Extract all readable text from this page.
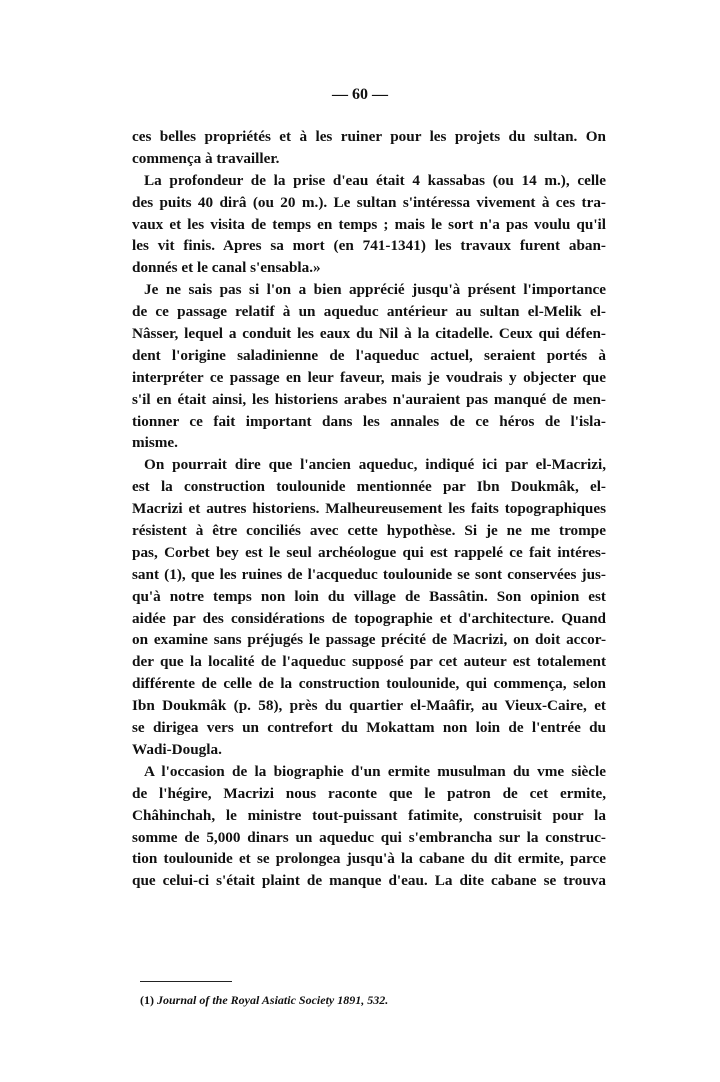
— 60 —
ces belles propriétés et à les ruiner pour les projets du sultan. On
commença à travailler.
La profondeur de la prise d'eau était 4 kassabas (ou 14 m.), celle
des puits 40 dirâ (ou 20 m.). Le sultan s'intéressa vivement à ces tra-
vaux et les visita de temps en temps ; mais le sort n'a pas voulu qu'il
les vit finis. Apres sa mort (en 741-1341) les travaux furent aban-
donnés et le canal s'ensabla.»
Je ne sais pas si l'on a bien apprécié jusqu'à présent l'importance
de ce passage relatif à un aqueduc antérieur au sultan el-Melik el-
Nâsser, lequel a conduit les eaux du Nil à la citadelle. Ceux qui défen-
dent l'origine saladinienne de l'aqueduc actuel, seraient portés à
interpréter ce passage en leur faveur, mais je voudrais y objecter que
s'il en était ainsi, les historiens arabes n'auraient pas manqué de men-
tionner ce fait important dans les annales de ce héros de l'isla-
misme.
On pourrait dire que l'ancien aqueduc, indiqué ici par el-Macrizi,
est la construction toulounide mentionnée par Ibn Doukmâk, el-
Macrizi et autres historiens. Malheureusement les faits topographiques
résistent à être conciliés avec cette hypothèse. Si je ne me trompe
pas, Corbet bey est le seul archéologue qui est rappelé ce fait intéres-
sant (1), que les ruines de l'acqueduc toulounide se sont conservées jus-
qu'à notre temps non loin du village de Bassâtin. Son opinion est
aidée par des considérations de topographie et d'architecture. Quand
on examine sans préjugés le passage précité de Macrizi, on doit accor-
der que la localité de l'aqueduc supposé par cet auteur est totalement
différente de celle de la construction toulounide, qui commença, selon
Ibn Doukmâk (p. 58), près du quartier el-Maâfir, au Vieux-Caire, et
se dirigea vers un contrefort du Mokattam non loin de l'entrée du
Wadi-Dougla.
A l'occasion de la biographie d'un ermite musulman du vme siècle
de l'hégire, Macrizi nous raconte que le patron de cet ermite,
Châhinchah, le ministre tout-puissant fatimite, construisit pour la
somme de 5,000 dinars un aqueduc qui s'embrancha sur la construc-
tion toulounide et se prolongea jusqu'à la cabane du dit ermite, parce
que celui-ci s'était plaint de manque d'eau. La dite cabane se trouva
(1) Journal of the Royal Asiatic Society 1891, 532.
